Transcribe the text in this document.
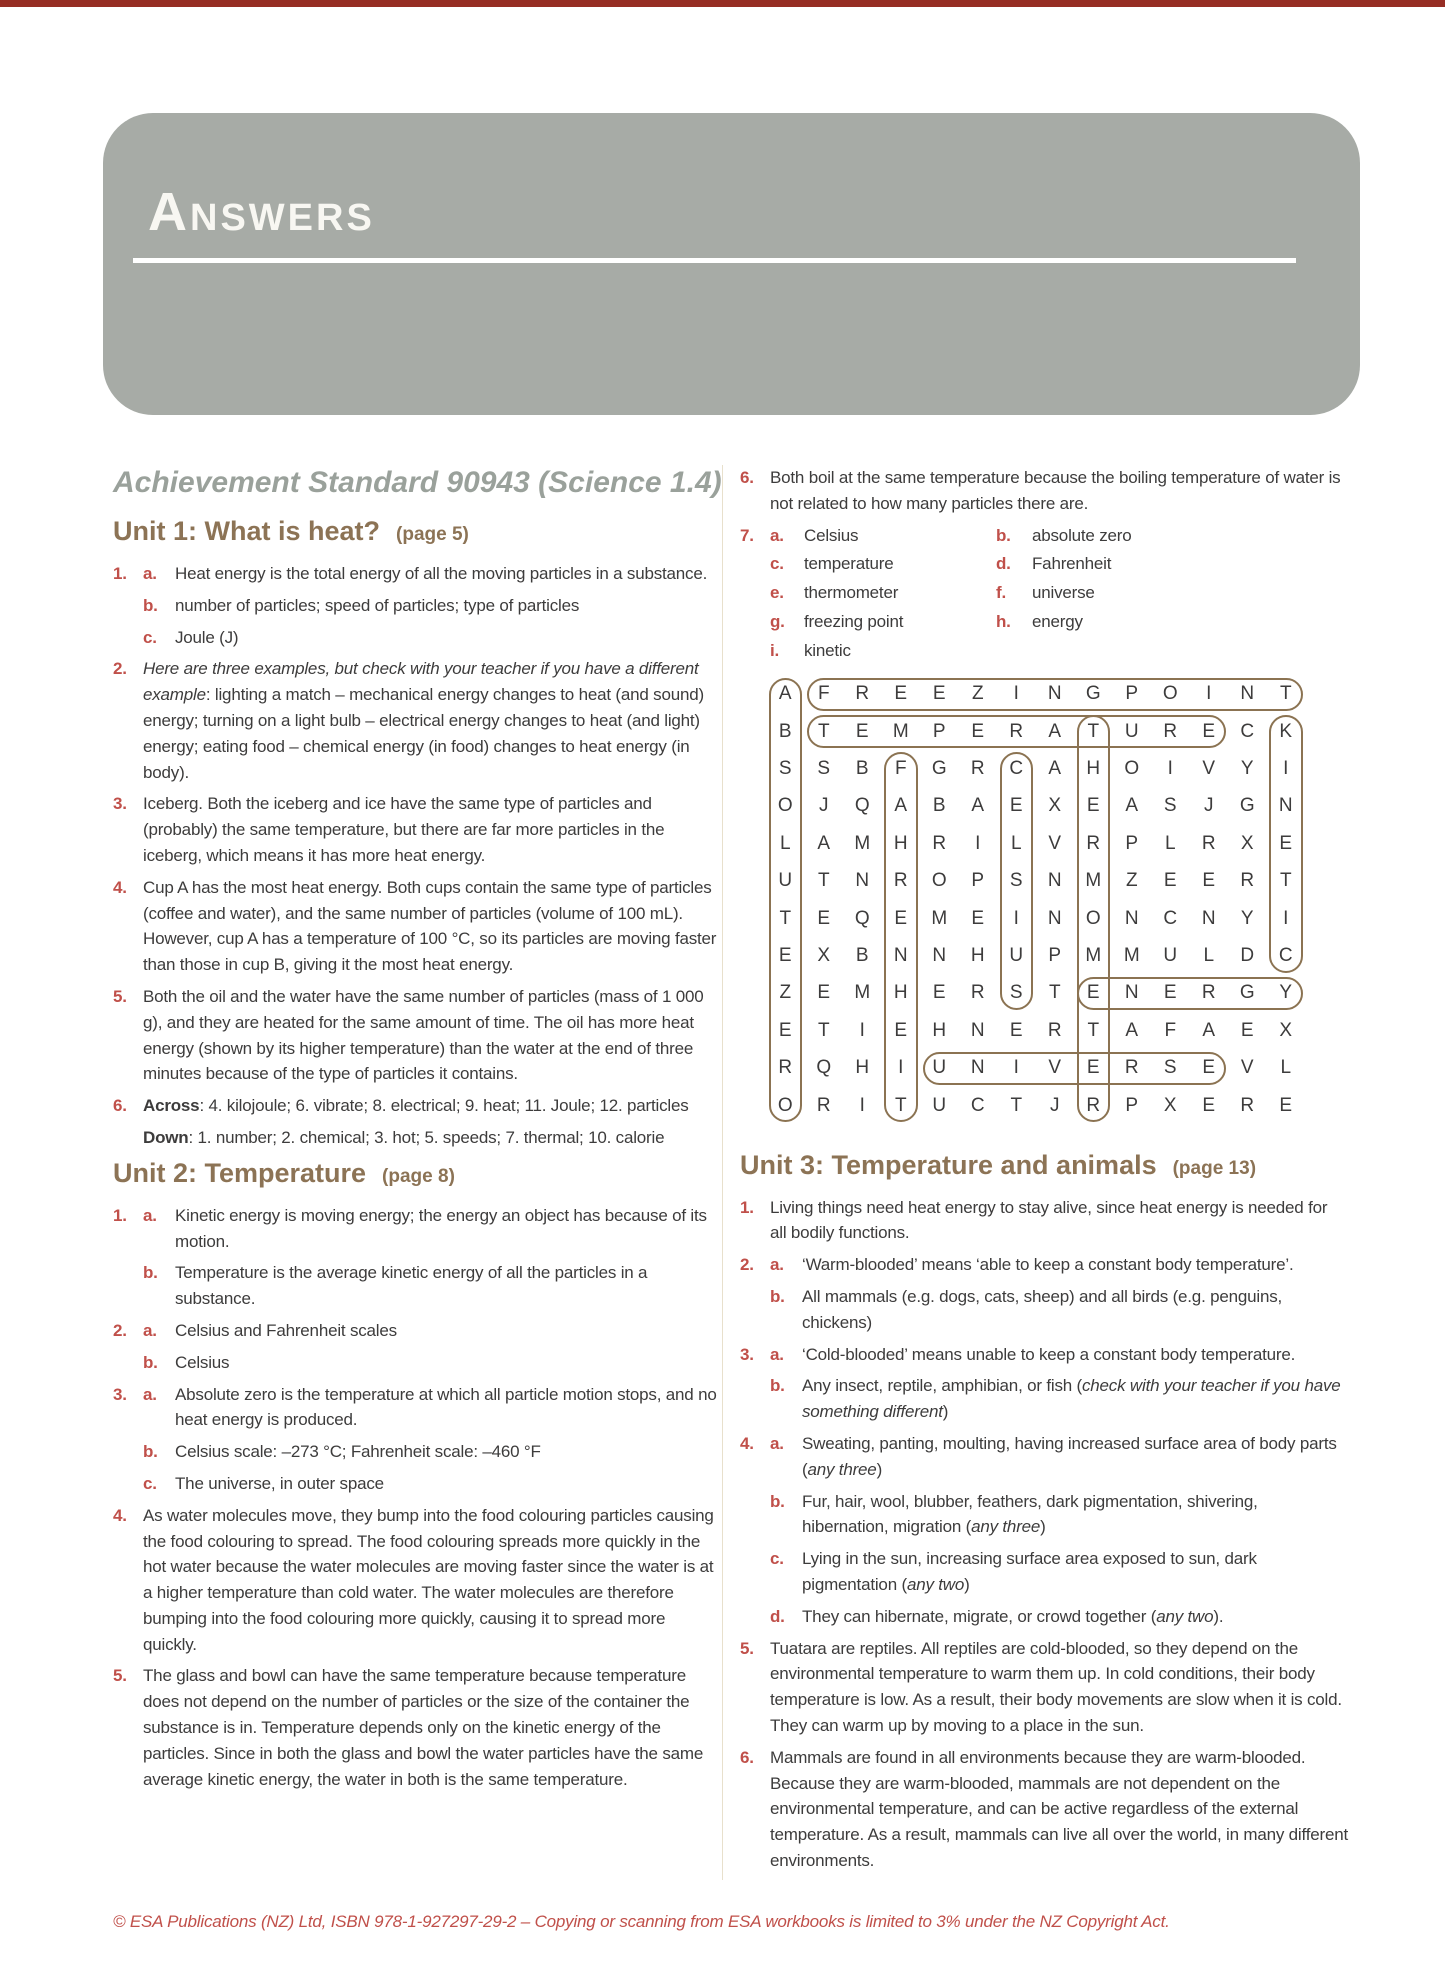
Answers
Achievement Standard 90943 (Science 1.4)
Unit 1: What is heat? (page 5)
1. a.	Heat energy is the total energy of all the moving particles in a substance.
b.	number of particles; speed of particles; type of particles
c.	Joule (J)
2. Here are three examples, but check with your teacher if you have a different example: lighting a match – mechanical energy changes to heat (and sound) energy; turning on a light bulb – electrical energy changes to heat (and light) energy; eating food – chemical energy (in food) changes to heat energy (in body).
3. Iceberg. Both the iceberg and ice have the same type of particles and (probably) the same temperature, but there are far more particles in the iceberg, which means it has more heat energy.
4. Cup A has the most heat energy. Both cups contain the same type of particles (coffee and water), and the same number of particles (volume of 100 mL). However, cup A has a temperature of 100 °C, so its particles are moving faster than those in cup B, giving it the most heat energy.
5. Both the oil and the water have the same number of particles (mass of 1 000 g), and they are heated for the same amount of time. The oil has more heat energy (shown by its higher temperature) than the water at the end of three minutes because of the type of particles it contains.
6. Across: 4. kilojoule; 6. vibrate; 8. electrical; 9. heat; 11. Joule; 12. particles
Down: 1. number; 2. chemical; 3. hot; 5. speeds; 7. thermal; 10. calorie
Unit 2: Temperature (page 8)
1. a.	Kinetic energy is moving energy; the energy an object has because of its motion.
b.	Temperature is the average kinetic energy of all the particles in a substance.
2. a.	Celsius and Fahrenheit scales
b.	Celsius
3. a.	Absolute zero is the temperature at which all particle motion stops, and no heat energy is produced.
b.	Celsius scale: –273 °C; Fahrenheit scale: –460 °F
c.	The universe, in outer space
4. As water molecules move, they bump into the food colouring particles causing the food colouring to spread. The food colouring spreads more quickly in the hot water because the water molecules are moving faster since the water is at a higher temperature than cold water. The water molecules are therefore bumping into the food colouring more quickly, causing it to spread more quickly.
5. The glass and bowl can have the same temperature because temperature does not depend on the number of particles or the size of the container the substance is in. Temperature depends only on the kinetic energy of the particles. Since in both the glass and bowl the water particles have the same average kinetic energy, the water in both is the same temperature.
6. Both boil at the same temperature because the boiling temperature of water is not related to how many particles there are.
7. a.	Celsius	b.	absolute zero
c.	temperature	d.	Fahrenheit
e.	thermometer	f.	universe
g.	freezing point	h.	energy
i.	kinetic
A F R E E Z I N G P O I N T
B T E M P E R A T U R E C K
S S B F G R C A H O I V Y I
O J Q A B A E X E A S J G N
L A M H R I L V R P L R X E
U T N R O P S N M Z E E R T
T E Q E M E I N O N C N Y I
E X B N N H U P M M U L D C
Z E M H E R S T E N E R G Y
E T I E H N E R T A F A E X
R Q H I U N I V E R S E V L
O R I T U C T J R P X E R E
Unit 3: Temperature and animals (page 13)
1. Living things need heat energy to stay alive, since heat energy is needed for all bodily functions.
2. a.	‘Warm-blooded’ means ‘able to keep a constant body temperature’.
b.	All mammals (e.g. dogs, cats, sheep) and all birds (e.g. penguins, chickens)
3. a.	‘Cold-blooded’ means unable to keep a constant body temperature.
b.	Any insect, reptile, amphibian, or fish (check with your teacher if you have something different)
4. a.	Sweating, panting, moulting, having increased surface area of body parts (any three)
b.	Fur, hair, wool, blubber, feathers, dark pigmentation, shivering, hibernation, migration (any three)
c.	Lying in the sun, increasing surface area exposed to sun, dark pigmentation (any two)
d.	They can hibernate, migrate, or crowd together (any two).
5. Tuatara are reptiles. All reptiles are cold-blooded, so they depend on the environmental temperature to warm them up. In cold conditions, their body temperature is low. As a result, their body movements are slow when it is cold. They can warm up by moving to a place in the sun.
6. Mammals are found in all environments because they are warm-blooded. Because they are warm-blooded, mammals are not dependent on the environmental temperature, and can be active regardless of the external temperature. As a result, mammals can live all over the world, in many different environments.
© ESA Publications (NZ) Ltd, ISBN 978-1-927297-29-2 – Copying or scanning from ESA workbooks is limited to 3% under the NZ Copyright Act.
